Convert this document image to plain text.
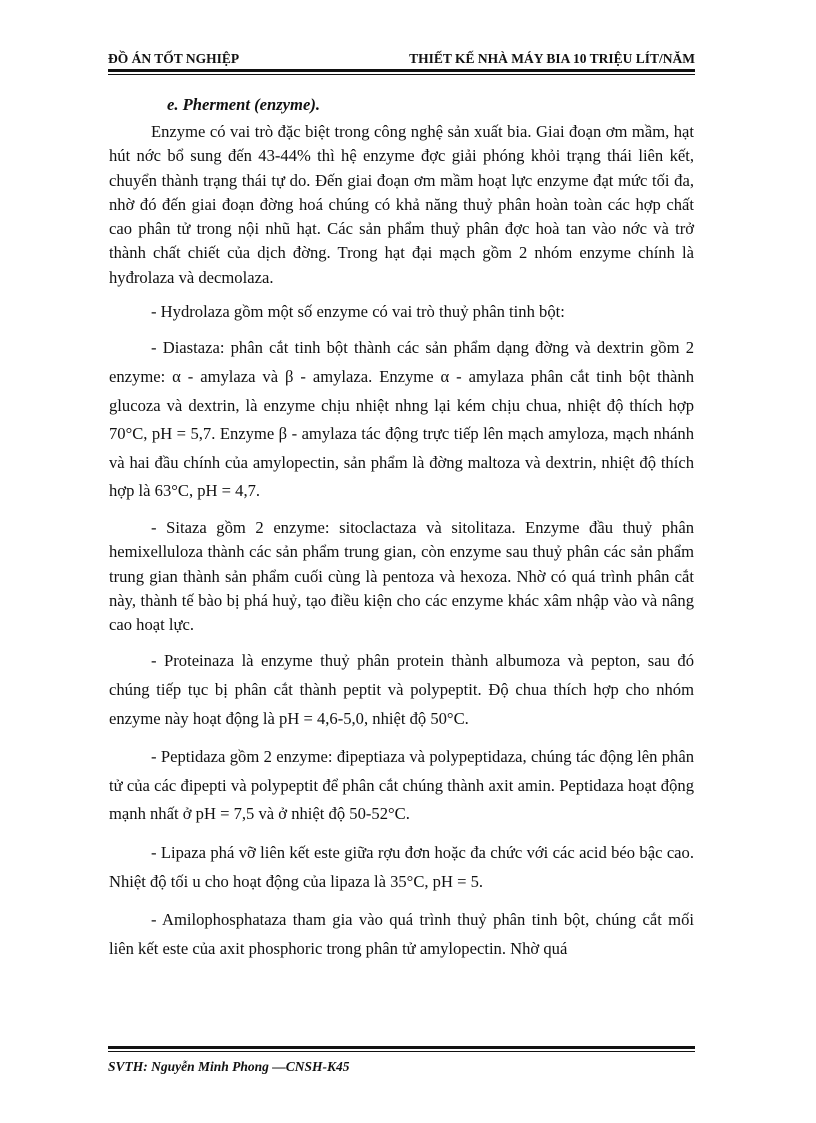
ĐỒ ÁN TỐT NGHIỆP	THIẾT KẾ NHÀ MÁY BIA 10 TRIỆU LÍT/NĂM

e. Pherment (enzyme).

Enzyme có vai trò đặc biệt trong công nghệ sản xuất bia. Giai đoạn ơm mầm, hạt hút nớc bổ sung đến 43-44% thì hệ enzyme đợc giải phóng khỏi trạng thái liên kết, chuyển thành trạng thái tự do. Đến giai đoạn ơm mầm hoạt lực enzyme đạt mức tối đa, nhờ đó đến giai đoạn đờng hoá chúng có khả năng thuỷ phân hoàn toàn các hợp chất cao phân tử trong nội nhũ hạt. Các sản phẩm thuỷ phân đợc hoà tan vào nớc và trở thành chất chiết của dịch đờng. Trong hạt đại mạch gồm 2 nhóm enzyme chính là hyđrolaza và decmolaza.

- Hydrolaza gồm một số enzyme có vai trò thuỷ phân tinh bột:

- Diastaza: phân cắt tinh bột thành các sản phẩm dạng đờng và dextrin gồm 2 enzyme: α - amylaza và β - amylaza. Enzyme α - amylaza phân cắt tinh bột thành glucoza và dextrin, là enzyme chịu nhiệt nhng lại kém chịu chua, nhiệt độ thích hợp 70°C, pH = 5,7. Enzyme β - amylaza tác động trực tiếp lên mạch amyloza, mạch nhánh và hai đầu chính của amylopectin, sản phẩm là đờng maltoza và dextrin, nhiệt độ thích hợp là 63°C, pH = 4,7.

- Sitaza gồm 2 enzyme: sitoclactaza và sitolitaza. Enzyme đầu thuỷ phân hemixelluloza thành các sản phẩm trung gian, còn enzyme sau thuỷ phân các sản phẩm trung gian thành sản phẩm cuối cùng là pentoza và hexoza. Nhờ có quá trình phân cắt này, thành tế bào bị phá huỷ, tạo điều kiện cho các enzyme khác xâm nhập vào và nâng cao hoạt lực.

- Proteinaza là enzyme thuỷ phân protein thành albumoza và pepton, sau đó chúng tiếp tục bị phân cắt thành peptit và polypeptit. Độ chua thích hợp cho nhóm enzyme này hoạt động là pH = 4,6-5,0, nhiệt độ 50°C.

- Peptidaza gồm 2 enzyme: đipeptiaza và polypeptidaza, chúng tác động lên phân tử của các đipepti và polypeptit để phân cắt chúng thành axit amin. Peptidaza hoạt động mạnh nhất ở pH = 7,5 và ở nhiệt độ 50-52°C.

- Lipaza phá vỡ liên kết este giữa rợu đơn hoặc đa chức với các acid béo bậc cao. Nhiệt độ tối u cho hoạt động của lipaza là 35°C, pH = 5.

- Amilophosphataza tham gia vào quá trình thuỷ phân tinh bột, chúng cắt mối liên kết este của axit phosphoric trong phân tử amylopectin. Nhờ quá

SVTH: Nguyễn Minh Phong —CNSH-K45
